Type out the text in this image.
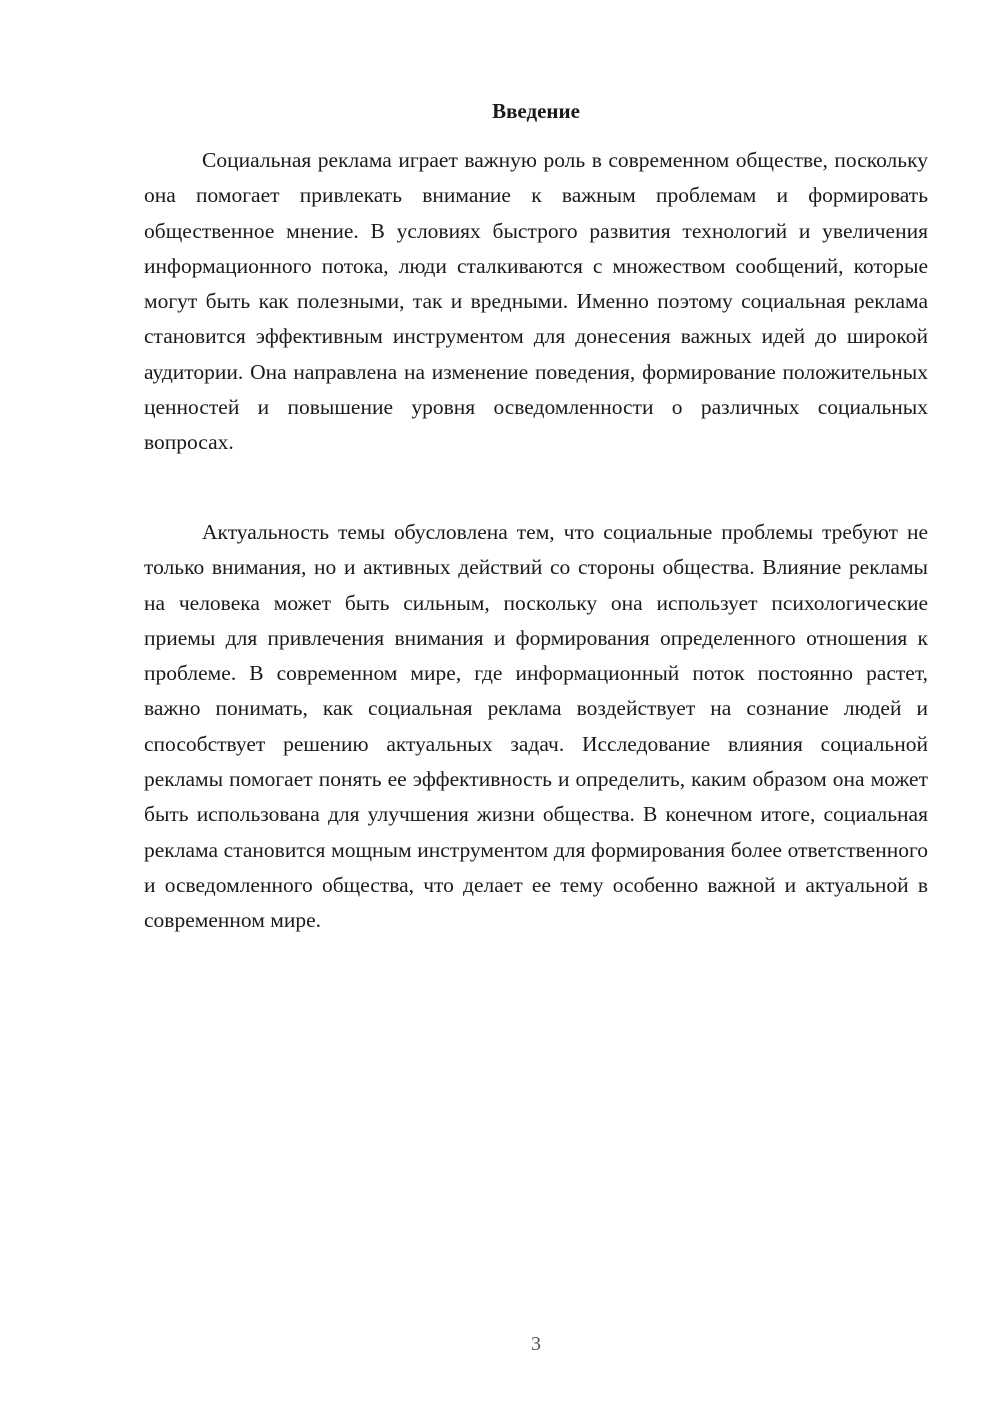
Введение

Социальная реклама играет важную роль в современном обществе, поскольку она помогает привлекать внимание к важным проблемам и формировать общественное мнение. В условиях быстрого развития технологий и увеличения информационного потока, люди сталкиваются с множеством сообщений, которые могут быть как полезными, так и вредными. Именно поэтому социальная реклама становится эффективным инструментом для донесения важных идей до широкой аудитории. Она направлена на изменение поведения, формирование положительных ценностей и повышение уровня осведомленности о различных социальных вопросах.

Актуальность темы обусловлена тем, что социальные проблемы требуют не только внимания, но и активных действий со стороны общества. Влияние рекламы на человека может быть сильным, поскольку она использует психологические приемы для привлечения внимания и формирования определенного отношения к проблеме. В современном мире, где информационный поток постоянно растет, важно понимать, как социальная реклама воздействует на сознание людей и способствует решению актуальных задач. Исследование влияния социальной рекламы помогает понять ее эффективность и определить, каким образом она может быть использована для улучшения жизни общества. В конечном итоге, социальная реклама становится мощным инструментом для формирования более ответственного и осведомленного общества, что делает ее тему особенно важной и актуальной в современном мире.

3
